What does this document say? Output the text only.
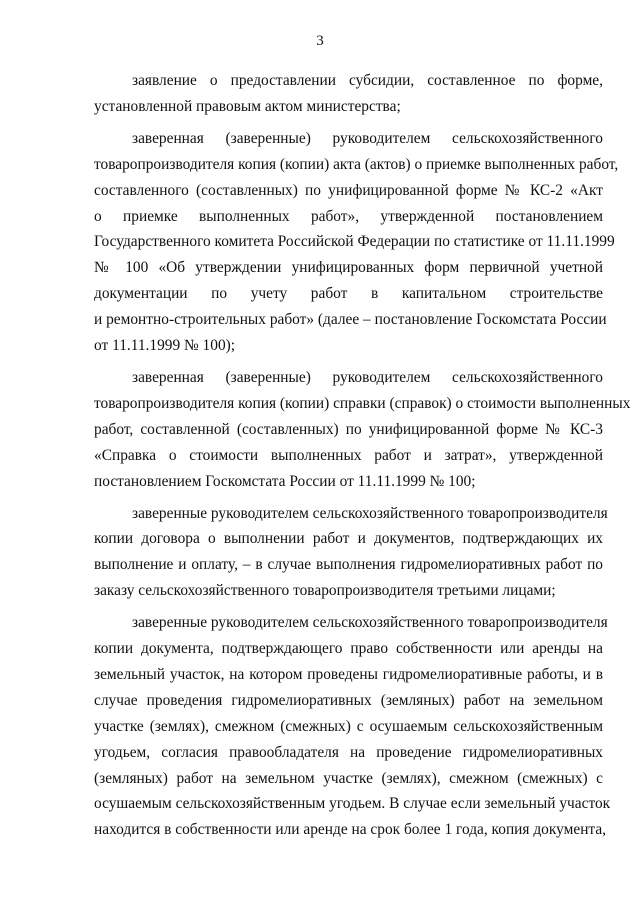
3
заявление о предоставлении субсидии, составленное по форме,
установленной правовым актом министерства;
заверенная (заверенные) руководителем сельскохозяйственного
товаропроизводителя копия (копии) акта (актов) о приемке выполненных работ,
составленного (составленных) по унифицированной форме № КС-2 «Акт
о приемке выполненных работ», утвержденной постановлением
Государственного комитета Российской Федерации по статистике от 11.11.1999
№ 100 «Об утверждении унифицированных форм первичной учетной
документации по учету работ в капитальном строительстве
и ремонтно-строительных работ» (далее – постановление Госкомстата России
от 11.11.1999 № 100);
заверенная (заверенные) руководителем сельскохозяйственного
товаропроизводителя копия (копии) справки (справок) о стоимости выполненных
работ, составленной (составленных) по унифицированной форме № КС-3
«Справка о стоимости выполненных работ и затрат», утвержденной
постановлением Госкомстата России от 11.11.1999 № 100;
заверенные руководителем сельскохозяйственного товаропроизводителя
копии договора о выполнении работ и документов, подтверждающих их
выполнение и оплату, – в случае выполнения гидромелиоративных работ по
заказу сельскохозяйственного товаропроизводителя третьими лицами;
заверенные руководителем сельскохозяйственного товаропроизводителя
копии документа, подтверждающего право собственности или аренды на
земельный участок, на котором проведены гидромелиоративные работы, и в
случае проведения гидромелиоративных (земляных) работ на земельном
участке (землях), смежном (смежных) с осушаемым сельскохозяйственным
угодьем, согласия правообладателя на проведение гидромелиоративных
(земляных) работ на земельном участке (землях), смежном (смежных) с
осушаемым сельскохозяйственным угодьем. В случае если земельный участок
находится в собственности или аренде на срок более 1 года, копия документа,
